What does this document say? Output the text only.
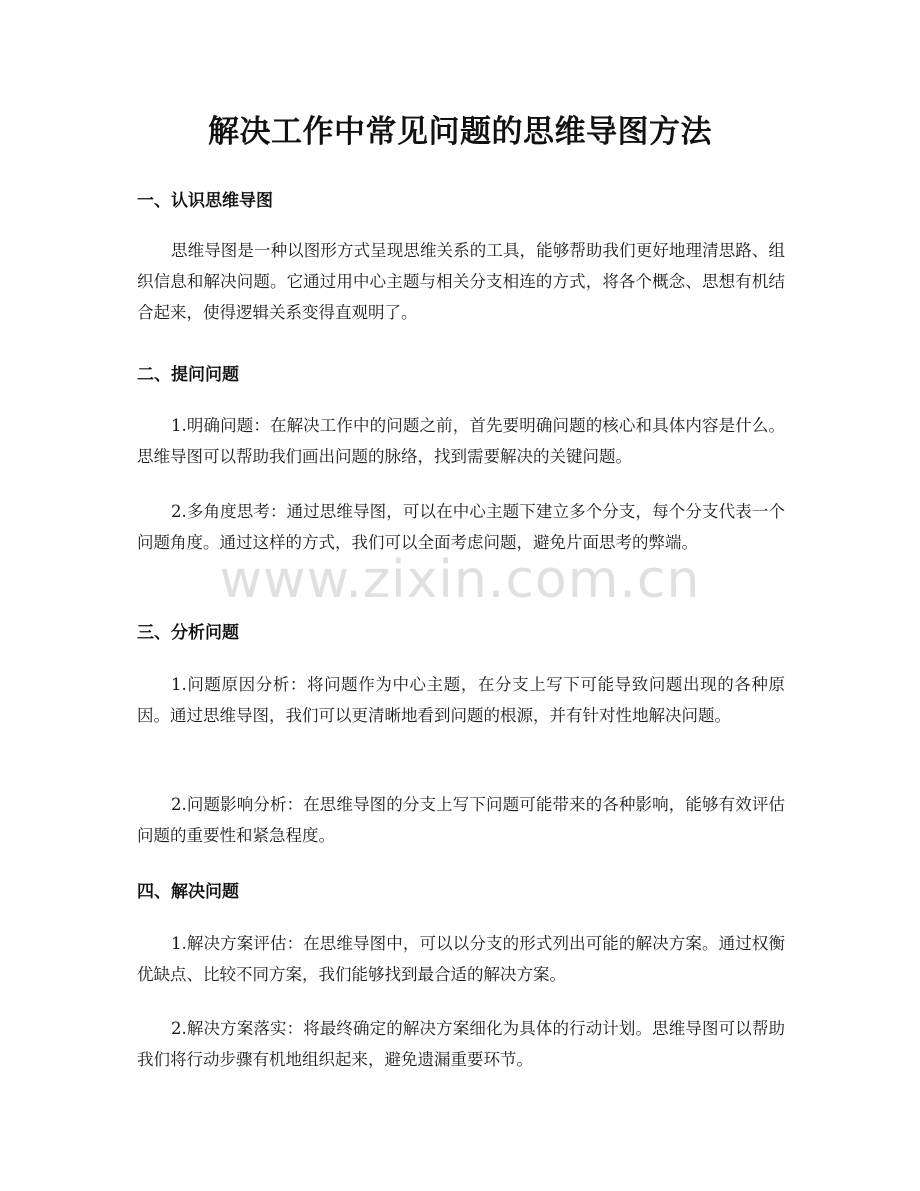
解决工作中常见问题的思维导图方法
一、认识思维导图
思维导图是一种以图形方式呈现思维关系的工具，能够帮助我们更好地理清思路、组织信息和解决问题。它通过用中心主题与相关分支相连的方式，将各个概念、思想有机结合起来，使得逻辑关系变得直观明了。
二、提问问题
1.明确问题：在解决工作中的问题之前，首先要明确问题的核心和具体内容是什么。思维导图可以帮助我们画出问题的脉络，找到需要解决的关键问题。
2.多角度思考：通过思维导图，可以在中心主题下建立多个分支，每个分支代表一个问题角度。通过这样的方式，我们可以全面考虑问题，避免片面思考的弊端。
三、分析问题
1.问题原因分析：将问题作为中心主题，在分支上写下可能导致问题出现的各种原因。通过思维导图，我们可以更清晰地看到问题的根源，并有针对性地解决问题。
2.问题影响分析：在思维导图的分支上写下问题可能带来的各种影响，能够有效评估问题的重要性和紧急程度。
四、解决问题
1.解决方案评估：在思维导图中，可以以分支的形式列出可能的解决方案。通过权衡优缺点、比较不同方案，我们能够找到最合适的解决方案。
2.解决方案落实：将最终确定的解决方案细化为具体的行动计划。思维导图可以帮助我们将行动步骤有机地组织起来，避免遗漏重要环节。
www.zixin.com.cn
